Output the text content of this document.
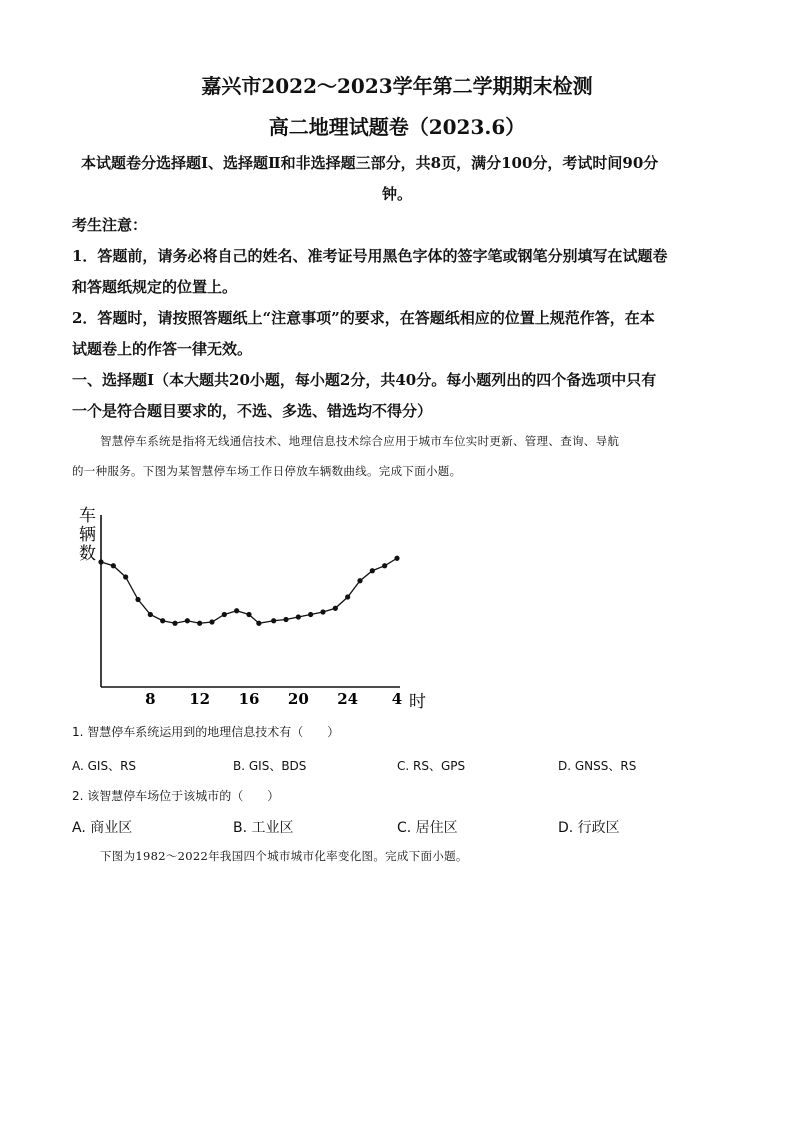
嘉兴市2022～2023学年第二学期期末检测
高二地理试题卷（2023.6）
本试题卷分选择题Ⅰ、选择题Ⅱ和非选择题三部分，共8页，满分100分，考试时间90分
钟。
考生注意：
1．答题前，请务必将自己的姓名、准考证号用黑色字体的签字笔或钢笔分别填写在试题卷
和答题纸规定的位置上。
2．答题时，请按照答题纸上“注意事项”的要求，在答题纸相应的位置上规范作答，在本
试题卷上的作答一律无效。
一、选择题Ⅰ（本大题共20小题，每小题2分，共40分。每小题列出的四个备选项中只有
一个是符合题目要求的，不选、多选、错选均不得分）
智慧停车系统是指将无线通信技术、地理信息技术综合应用于城市车位实时更新、管理、查询、导航
的一种服务。下图为某智慧停车场工作日停放车辆数曲线。完成下面小题。
车
辆
数
8 12 16 20 24 4 时
1. 智慧停车系统运用到的地理信息技术有（　　）
A. GIS、RS	B. GIS、BDS	C. RS、GPS	D. GNSS、RS
2. 该智慧停车场位于该城市的（　　）
A. 商业区	B. 工业区	C. 居住区	D. 行政区
下图为1982～2022年我国四个城市城市化率变化图。完成下面小题。
